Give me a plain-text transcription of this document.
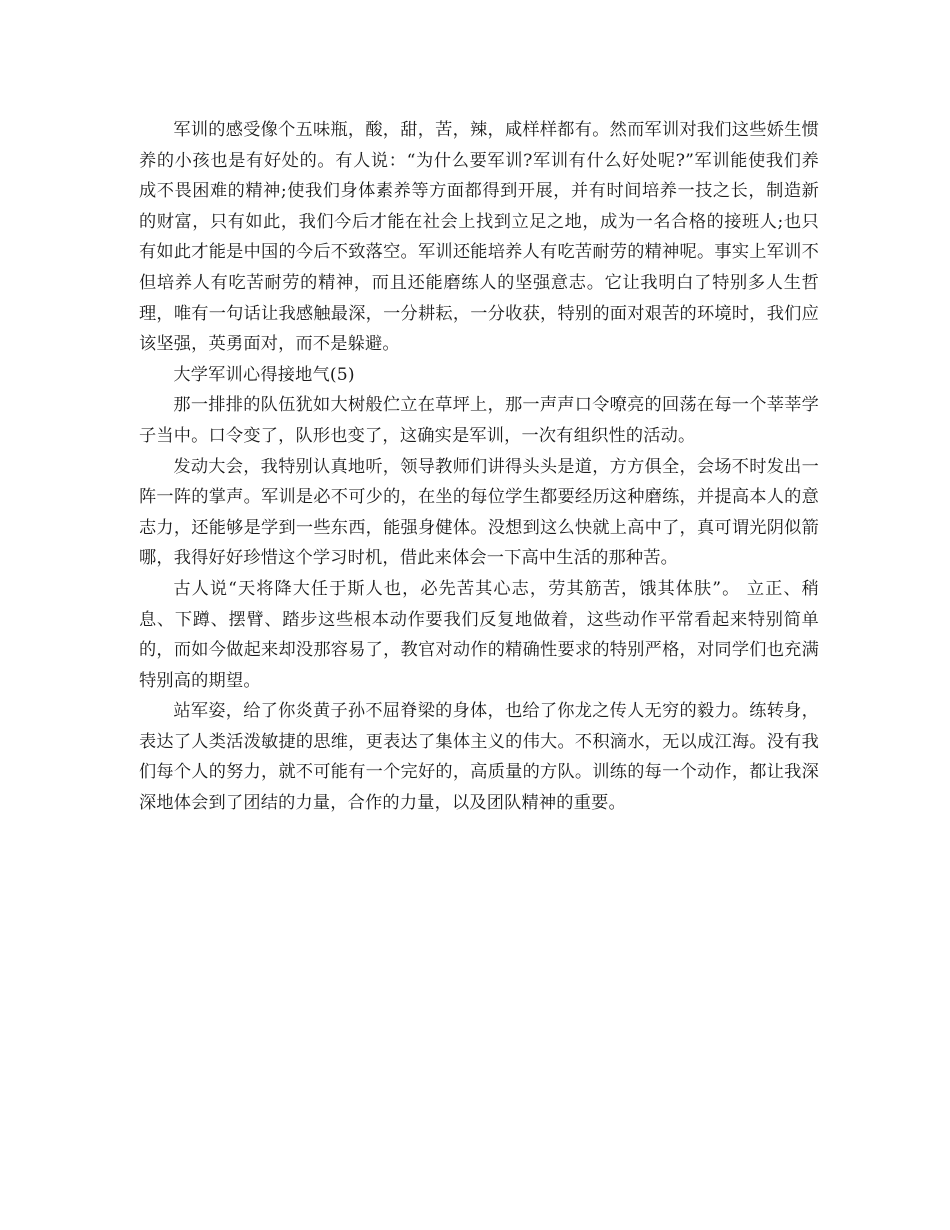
军训的感受像个五味瓶，酸，甜，苦，辣，咸样样都有。然而军训对我们这些娇生惯养的小孩也是有好处的。有人说：“为什么要军训?军训有什么好处呢?”军训能使我们养成不畏困难的精神;使我们身体素养等方面都得到开展，并有时间培养一技之长，制造新的财富，只有如此，我们今后才能在社会上找到立足之地，成为一名合格的接班人;也只有如此才能是中国的今后不致落空。军训还能培养人有吃苦耐劳的精神呢。事实上军训不但培养人有吃苦耐劳的精神，而且还能磨练人的坚强意志。它让我明白了特别多人生哲理，唯有一句话让我感触最深，一分耕耘，一分收获，特别的面对艰苦的环境时，我们应该坚强，英勇面对，而不是躲避。

大学军训心得接地气(5)

那一排排的队伍犹如大树般伫立在草坪上，那一声声口令嘹亮的回荡在每一个莘莘学子当中。口令变了，队形也变了，这确实是军训，一次有组织性的活动。

发动大会，我特别认真地听，领导教师们讲得头头是道，方方俱全，会场不时发出一阵一阵的掌声。军训是必不可少的，在坐的每位学生都要经历这种磨练，并提高本人的意志力，还能够是学到一些东西，能强身健体。没想到这么快就上高中了，真可谓光阴似箭哪，我得好好珍惜这个学习时机，借此来体会一下高中生活的那种苦。

古人说“天将降大任于斯人也，必先苦其心志，劳其筋苦，饿其体肤”。 立正、稍息、下蹲、摆臂、踏步这些根本动作要我们反复地做着，这些动作平常看起来特别简单的，而如今做起来却没那容易了，教官对动作的精确性要求的特别严格，对同学们也充满特别高的期望。

站军姿，给了你炎黄子孙不屈脊梁的身体，也给了你龙之传人无穷的毅力。练转身，表达了人类活泼敏捷的思维，更表达了集体主义的伟大。不积滴水，无以成江海。没有我们每个人的努力，就不可能有一个完好的，高质量的方队。训练的每一个动作，都让我深深地体会到了团结的力量，合作的力量，以及团队精神的重要。
